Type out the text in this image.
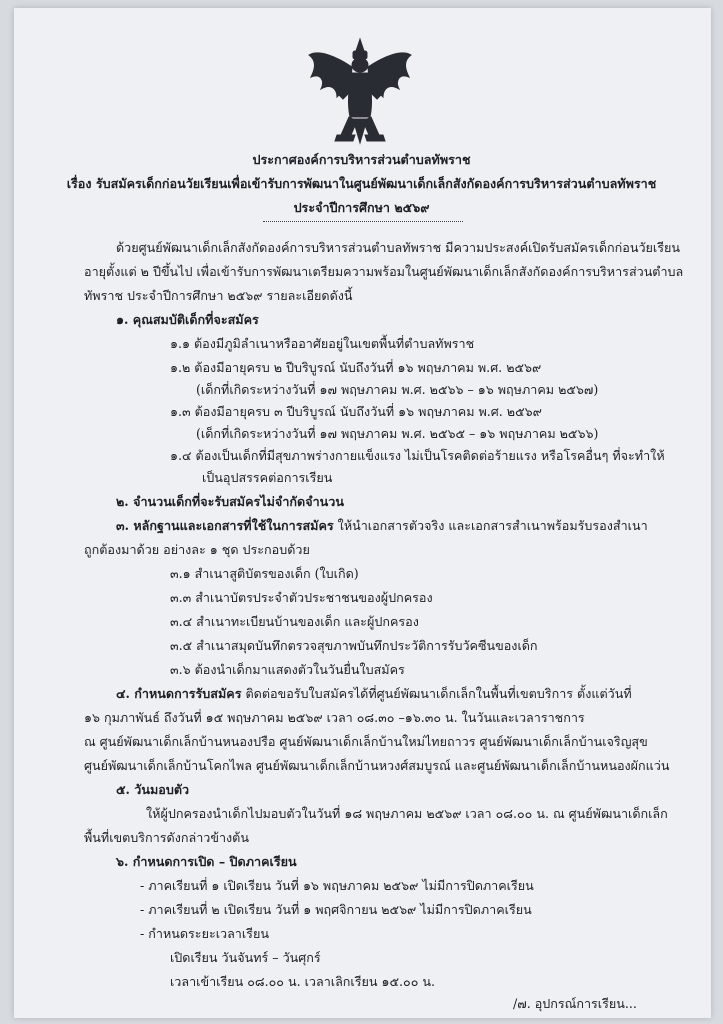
ประกาศองค์การบริหารส่วนตำบลทัพราช
เรื่อง รับสมัครเด็กก่อนวัยเรียนเพื่อเข้ารับการพัฒนาในศูนย์พัฒนาเด็กเล็กสังกัดองค์การบริหารส่วนตำบลทัพราช
ประจำปีการศึกษา ๒๕๖๙
ด้วยศูนย์พัฒนาเด็กเล็กสังกัดองค์การบริหารส่วนตำบลทัพราช มีความประสงค์เปิดรับสมัครเด็กก่อนวัยเรียน
อายุตั้งแต่ ๒ ปีขึ้นไป เพื่อเข้ารับการพัฒนาเตรียมความพร้อมในศูนย์พัฒนาเด็กเล็กสังกัดองค์การบริหารส่วนตำบล
ทัพราช ประจำปีการศึกษา ๒๕๖๙ รายละเอียดดังนี้
๑. คุณสมบัติเด็กที่จะสมัคร
๑.๑ ต้องมีภูมิลำเนาหรืออาศัยอยู่ในเขตพื้นที่ตำบลทัพราช
๑.๒ ต้องมีอายุครบ ๒ ปีบริบูรณ์ นับถึงวันที่ ๑๖ พฤษภาคม พ.ศ. ๒๕๖๙
(เด็กที่เกิดระหว่างวันที่ ๑๗ พฤษภาคม พ.ศ. ๒๕๖๖ – ๑๖ พฤษภาคม ๒๕๖๗)
๑.๓ ต้องมีอายุครบ ๓ ปีบริบูรณ์ นับถึงวันที่ ๑๖ พฤษภาคม พ.ศ. ๒๕๖๙
(เด็กที่เกิดระหว่างวันที่ ๑๗ พฤษภาคม พ.ศ. ๒๕๖๕ – ๑๖ พฤษภาคม ๒๕๖๖)
๑.๔ ต้องเป็นเด็กที่มีสุขภาพร่างกายแข็งแรง ไม่เป็นโรคติดต่อร้ายแรง หรือโรคอื่นๆ ที่จะทำให้
เป็นอุปสรรคต่อการเรียน
๒. จำนวนเด็กที่จะรับสมัครไม่จำกัดจำนวน
๓. หลักฐานและเอกสารที่ใช้ในการสมัคร ให้นำเอกสารตัวจริง และเอกสารสำเนาพร้อมรับรองสำเนา
ถูกต้องมาด้วย อย่างละ ๑ ชุด ประกอบด้วย
๓.๑ สำเนาสูติบัตรของเด็ก (ใบเกิด)
๓.๓ สำเนาบัตรประจำตัวประชาชนของผู้ปกครอง
๓.๔ สำเนาทะเบียนบ้านของเด็ก และผู้ปกครอง
๓.๕ สำเนาสมุดบันทึกตรวจสุขภาพบันทึกประวัติการรับวัคซีนของเด็ก
๓.๖ ต้องนำเด็กมาแสดงตัวในวันยื่นใบสมัคร
๔. กำหนดการรับสมัคร ติดต่อขอรับใบสมัครได้ที่ศูนย์พัฒนาเด็กเล็กในพื้นที่เขตบริการ ตั้งแต่วันที่
๑๖ กุมภาพันธ์ ถึงวันที่ ๑๕ พฤษภาคม ๒๕๖๙ เวลา ๐๘.๓๐ –๑๖.๓๐ น. ในวันและเวลาราชการ
ณ ศูนย์พัฒนาเด็กเล็กบ้านหนองปรือ ศูนย์พัฒนาเด็กเล็กบ้านใหม่ไทยถาวร ศูนย์พัฒนาเด็กเล็กบ้านเจริญสุข
ศูนย์พัฒนาเด็กเล็กบ้านโคกไพล ศูนย์พัฒนาเด็กเล็กบ้านหวงศ์สมบูรณ์ และศูนย์พัฒนาเด็กเล็กบ้านหนองผักแว่น
๕. วันมอบตัว
ให้ผู้ปกครองนำเด็กไปมอบตัวในวันที่ ๑๘ พฤษภาคม ๒๕๖๙ เวลา ๐๘.๐๐ น. ณ ศูนย์พัฒนาเด็กเล็ก
พื้นที่เขตบริการดังกล่าวข้างต้น
๖. กำหนดการเปิด – ปิดภาคเรียน
- ภาคเรียนที่ ๑ เปิดเรียน วันที่ ๑๖ พฤษภาคม ๒๕๖๙ ไม่มีการปิดภาคเรียน
- ภาคเรียนที่ ๒ เปิดเรียน วันที่ ๑ พฤศจิกายน ๒๕๖๙ ไม่มีการปิดภาคเรียน
- กำหนดระยะเวลาเรียน
เปิดเรียน วันจันทร์ – วันศุกร์
เวลาเข้าเรียน ๐๘.๐๐ น. เวลาเลิกเรียน ๑๕.๐๐ น.
/๗. อุปกรณ์การเรียน...
